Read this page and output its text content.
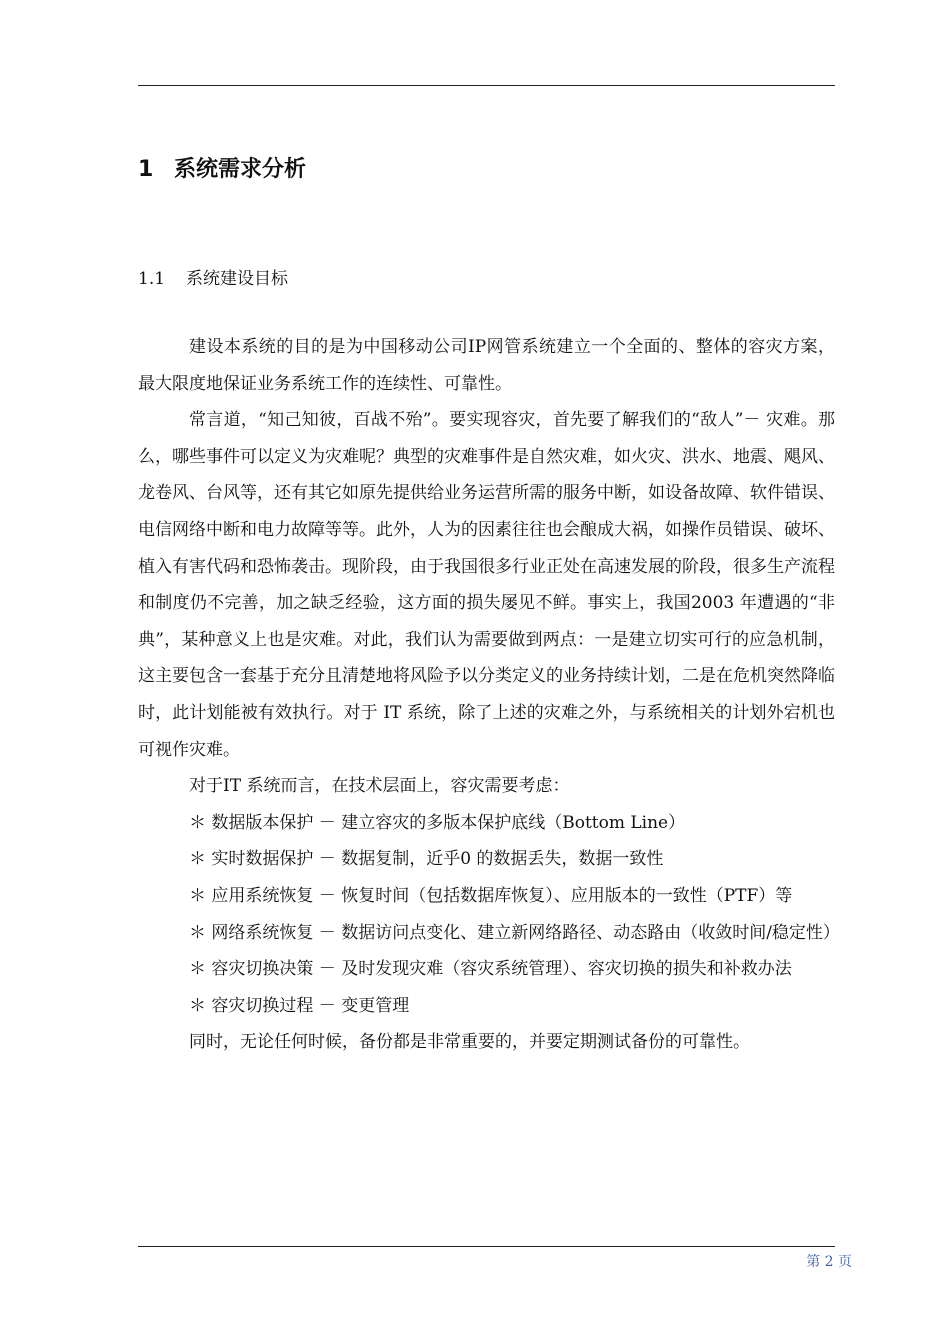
1 系统需求分析
1.1 系统建设目标

建设本系统的目的是为中国移动公司IP网管系统建立一个全面的、整体的容灾方案，最大限度地保证业务系统工作的连续性、可靠性。

常言道，“知己知彼，百战不殆”。要实现容灾，首先要了解我们的“敌人”－ 灾难。那么，哪些事件可以定义为灾难呢？典型的灾难事件是自然灾难，如火灾、洪水、地震、飓风、龙卷风、台风等，还有其它如原先提供给业务运营所需的服务中断，如设备故障、软件错误、电信网络中断和电力故障等等。此外，人为的因素往往也会酿成大祸，如操作员错误、破坏、植入有害代码和恐怖袭击。现阶段，由于我国很多行业正处在高速发展的阶段，很多生产流程和制度仍不完善，加之缺乏经验，这方面的损失屡见不鲜。事实上，我国2003 年遭遇的“非典”，某种意义上也是灾难。对此，我们认为需要做到两点：一是建立切实可行的应急机制，这主要包含一套基于充分且清楚地将风险予以分类定义的业务持续计划，二是在危机突然降临时，此计划能被有效执行。对于 IT 系统，除了上述的灾难之外，与系统相关的计划外宕机也可视作灾难。

对于IT 系统而言，在技术层面上，容灾需要考虑：

＊ 数据版本保护 － 建立容灾的多版本保护底线（Bottom Line）

＊ 实时数据保护 － 数据复制，近乎0 的数据丢失，数据一致性

＊ 应用系统恢复 － 恢复时间（包括数据库恢复）、应用版本的一致性（PTF）等

＊ 网络系统恢复 － 数据访问点变化、建立新网络路径、动态路由（收敛时间/稳定性）

＊ 容灾切换决策 － 及时发现灾难（容灾系统管理）、容灾切换的损失和补救办法

＊ 容灾切换过程 － 变更管理

同时，无论任何时候，备份都是非常重要的，并要定期测试备份的可靠性。

第 2 页
